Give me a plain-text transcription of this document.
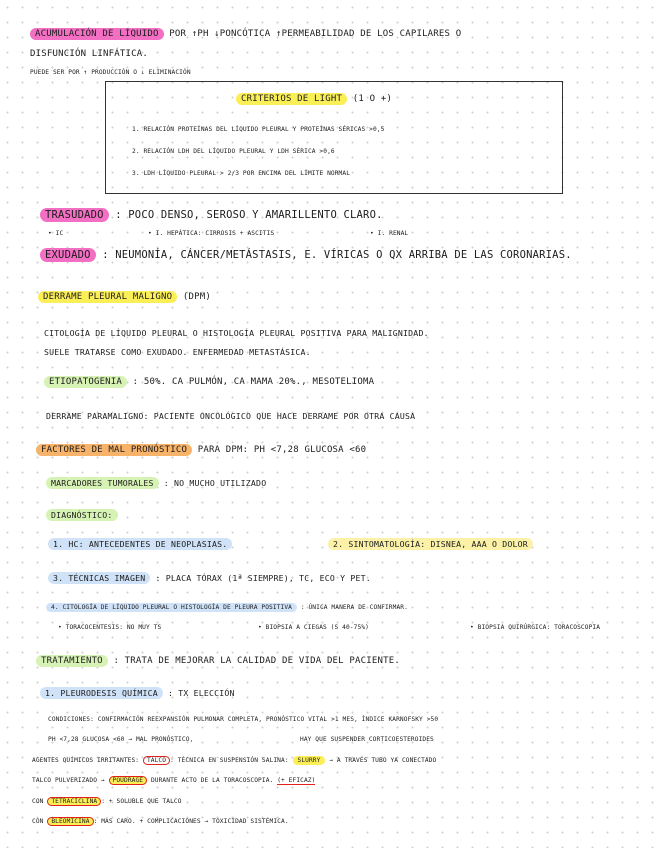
ACUMULACIÓN DE LÍQUIDO POR ↑PH ↓PONCÓTICA ↑PERMEABILIDAD DE LOS CAPILARES O
DISFUNCIÓN LINFÁTICA.
PUEDE SER POR ↑ PRODUCCIÓN O ↓ ELIMINACIÓN
CRITERIOS DE LIGHT (1 O +)
1. RELACIÓN PROTEÍNAS DEL LÍQUIDO PLEURAL Y PROTEÍNAS SÉRICAS >0,5
2. RELACIÓN LDH DEL LÍQUIDO PLEURAL Y LDH SÉRICA >0,6
3. LDH LÍQUIDO PLEURAL > 2/3 POR ENCIMA DEL LÍMITE NORMAL
TRASUDADO : POCO DENSO, SEROSO Y AMARILLENTO CLARO.
• IC	• I. HEPÁTICA: CIRROSIS + ASCITIS	• I. RENAL
EXUDADO : NEUMONÍA, CÁNCER/METÁSTASIS, E. VÍRICAS O QX ARRIBA DE LAS CORONARIAS.
DERRAME PLEURAL MALIGNO (DPM)
CITOLOGÍA DE LÍQUIDO PLEURAL O HISTOLOGÍA PLEURAL POSITIVA PARA MALIGNIDAD.
SUELE TRATARSE COMO EXUDADO. ENFERMEDAD METASTÁSICA.
ETIOPATOGENIA : 50%. CA PULMÓN, CA MAMA 20%., MESOTELIOMA
DERRAME PARAMALIGNO: PACIENTE ONCOLÓGICO QUE HACE DERRAME POR OTRA CAUSA
FACTORES DE MAL PRONÓSTICO PARA DPM: PH <7,28 GLUCOSA <60
MARCADORES TUMORALES : NO MUCHO UTILIZADO
DIAGNÓSTICO:
1. HC: ANTECEDENTES DE NEOPLASIAS.	2. SINTOMATOLOGÍA: DISNEA, AAA O DOLOR
3. TÉCNICAS IMAGEN : PLACA TÓRAX (1ª SIEMPRE), TC, ECO Y PET.
4. CITOLOGÍA DE LÍQUIDO PLEURAL O HISTOLOGÍA DE PLEURA POSITIVA : ÚNICA MANERA DE CONFIRMAR.
• TORACOCENTESIS: NO MUY TS	• BIOPSIA A CIEGAS (S 40-75%)	• BIOPSIA QUIRÚRGICA: TORACOSCOPIA
TRATAMIENTO : TRATA DE MEJORAR LA CALIDAD DE VIDA DEL PACIENTE.
1. PLEURODESIS QUÍMICA : TX ELECCIÓN
CONDICIONES: CONFIRMACIÓN REEXPANSIÓN PULMONAR COMPLETA, PRONÓSTICO VITAL >1 MES, ÍNDICE KARNOFSKY >50
PH <7,28 GLUCOSA <60 → MAL PRONÓSTICO,	HAY QUE SUSPENDER CORTICOESTEROIDES
AGENTES QUÍMICOS IRRITANTES: TALCO : TÉCNICA EN SUSPENSIÓN SALINA: SLURRY → A TRAVÉS TUBO YA CONECTADO
TALCO PULVERIZADO → POUDRAGE DURANTE ACTO DE LA TORACOSCOPIA. (+ EFICAZ)
CON TETRACICLINA : + SOLUBLE QUE TALCO
CON BLEOMICINA : MÁS CARO. + COMPLICACIONES → TOXICIDAD SISTÉMICA.
